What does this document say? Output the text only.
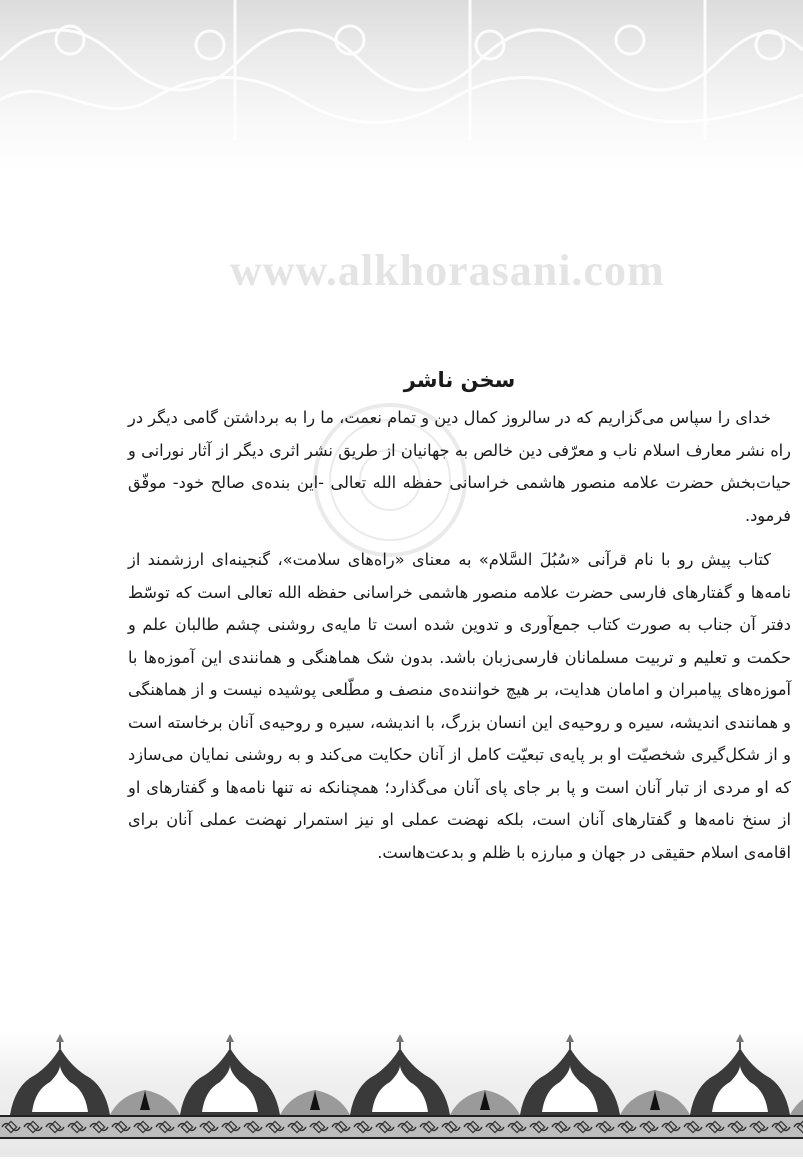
www.alkhorasani.com
سخن ناشر

خدای را سپاس می‌گزاریم که در سالروز کمال دین و تمام نعمت، ما را به برداشتن گامی دیگر در راه نشر معارف اسلام ناب و معرّفی دین خالص به جهانیان از طریق نشر اثری دیگر از آثار نورانی و حیات‌بخش حضرت علامه منصور هاشمی خراسانی حفظه الله تعالی -این بنده‌ی صالح خود- موفّق فرمود.

کتاب پیش رو با نام قرآنی «سُبُلَ السَّلام» به معنای «راه‌های سلامت»، گنجینه‌ای ارزشمند از نامه‌ها و گفتارهای فارسی حضرت علامه منصور هاشمی خراسانی حفظه الله تعالی است که توسّط دفتر آن جناب به صورت کتاب جمع‌آوری و تدوین شده است تا مایه‌ی روشنی چشم طالبان علم و حکمت و تعلیم و تربیت مسلمانان فارسی‌زبان باشد. بدون شک هماهنگی و همانندی این آموزه‌ها با آموزه‌های پیامبران و امامان هدایت، بر هیچ خواننده‌ی منصف و مطّلعی پوشیده نیست و از هماهنگی و همانندی اندیشه، سیره و روحیه‌ی این انسان بزرگ، با اندیشه، سیره و روحیه‌ی آنان برخاسته است و از شکل‌گیری شخصیّت او بر پایه‌ی تبعیّت کامل از آنان حکایت می‌کند و به روشنی نمایان می‌سازد که او مردی از تبار آنان است و پا بر جای پای آنان می‌گذارد؛ همچنانکه نه تنها نامه‌ها و گفتارهای او از سنخ نامه‌ها و گفتارهای آنان است، بلکه نهضت عملی او نیز استمرار نهضت عملی آنان برای اقامه‌ی اسلام حقیقی در جهان و مبارزه با ظلم و بدعت‌هاست.
